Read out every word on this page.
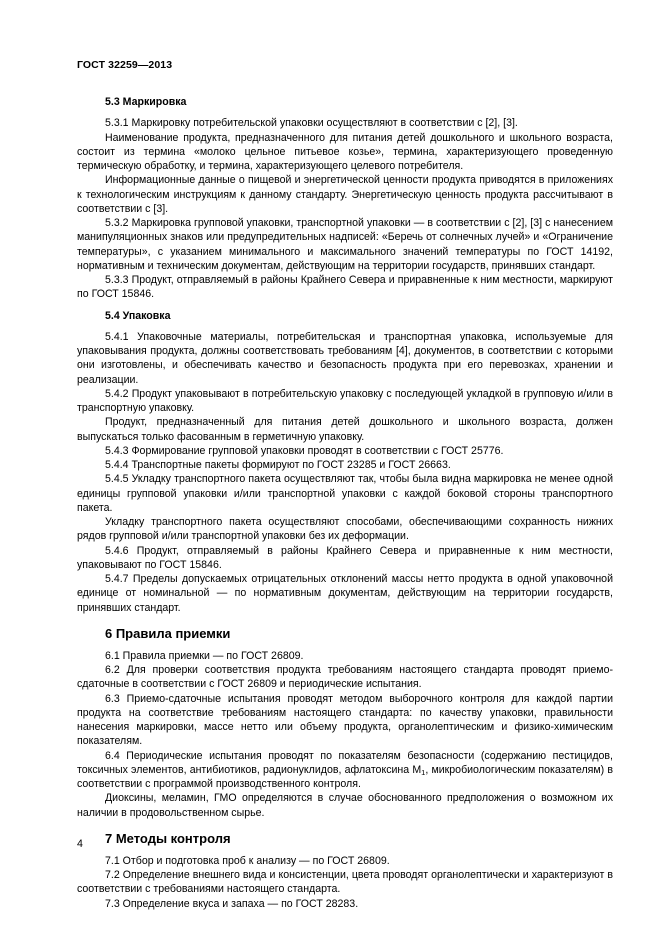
ГОСТ 32259—2013
5.3 Маркировка

5.3.1 Маркировку потребительской упаковки осуществляют в соответствии с [2], [3].

Наименование продукта, предназначенного для питания детей дошкольного и школьного возраста, состоит из термина «молоко цельное питьевое козье», термина, характеризующего проведенную термическую обработку, и термина, характеризующего целевого потребителя.

Информационные данные о пищевой и энергетической ценности продукта приводятся в приложениях к технологическим инструкциям к данному стандарту. Энергетическую ценность продукта рассчитывают в соответствии с [3].

5.3.2 Маркировка групповой упаковки, транспортной упаковки — в соответствии с [2], [3] с нанесением манипуляционных знаков или предупредительных надписей: «Беречь от солнечных лучей» и «Ограничение температуры», с указанием минимального и максимального значений температуры по ГОСТ 14192, нормативным и техническим документам, действующим на территории государств, принявших стандарт.

5.3.3 Продукт, отправляемый в районы Крайнего Севера и приравненные к ним местности, маркируют по ГОСТ 15846.

5.4 Упаковка

5.4.1 Упаковочные материалы, потребительская и транспортная упаковка, используемые для упаковывания продукта, должны соответствовать требованиям [4], документов, в соответствии с которыми они изготовлены, и обеспечивать качество и безопасность продукта при его перевозках, хранении и реализации.

5.4.2 Продукт упаковывают в потребительскую упаковку с последующей укладкой в групповую и/или в транспортную упаковку.

Продукт, предназначенный для питания детей дошкольного и школьного возраста, должен выпускаться только фасованным в герметичную упаковку.

5.4.3 Формирование групповой упаковки проводят в соответствии с ГОСТ 25776.

5.4.4 Транспортные пакеты формируют по ГОСТ 23285 и ГОСТ 26663.

5.4.5 Укладку транспортного пакета осуществляют так, чтобы была видна маркировка не менее одной единицы групповой упаковки и/или транспортной упаковки с каждой боковой стороны транспортного пакета.

Укладку транспортного пакета осуществляют способами, обеспечивающими сохранность нижних рядов групповой и/или транспортной упаковки без их деформации.

5.4.6 Продукт, отправляемый в районы Крайнего Севера и приравненные к ним местности, упаковывают по ГОСТ 15846.

5.4.7 Пределы допускаемых отрицательных отклонений массы нетто продукта в одной упаковочной единице от номинальной — по нормативным документам, действующим на территории государств, принявших стандарт.

6 Правила приемки

6.1 Правила приемки — по ГОСТ 26809.

6.2 Для проверки соответствия продукта требованиям настоящего стандарта проводят приемо-сдаточные в соответствии с ГОСТ 26809 и периодические испытания.

6.3 Приемо-сдаточные испытания проводят методом выборочного контроля для каждой партии продукта на соответствие требованиям настоящего стандарта: по качеству упаковки, правильности нанесения маркировки, массе нетто или объему продукта, органолептическим и физико-химическим показателям.

6.4 Периодические испытания проводят по показателям безопасности (содержанию пестицидов, токсичных элементов, антибиотиков, радионуклидов, афлатоксина $М_1$, микробиологическим показателям) в соответствии с программой производственного контроля.

Диоксины, меламин, ГМО определяются в случае обоснованного предположения о возможном их наличии в продовольственном сырье.

7 Методы контроля

7.1 Отбор и подготовка проб к анализу — по ГОСТ 26809.

7.2 Определение внешнего вида и консистенции, цвета проводят органолептически и характеризуют в соответствии с требованиями настоящего стандарта.

7.3 Определение вкуса и запаха — по ГОСТ 28283.

4
